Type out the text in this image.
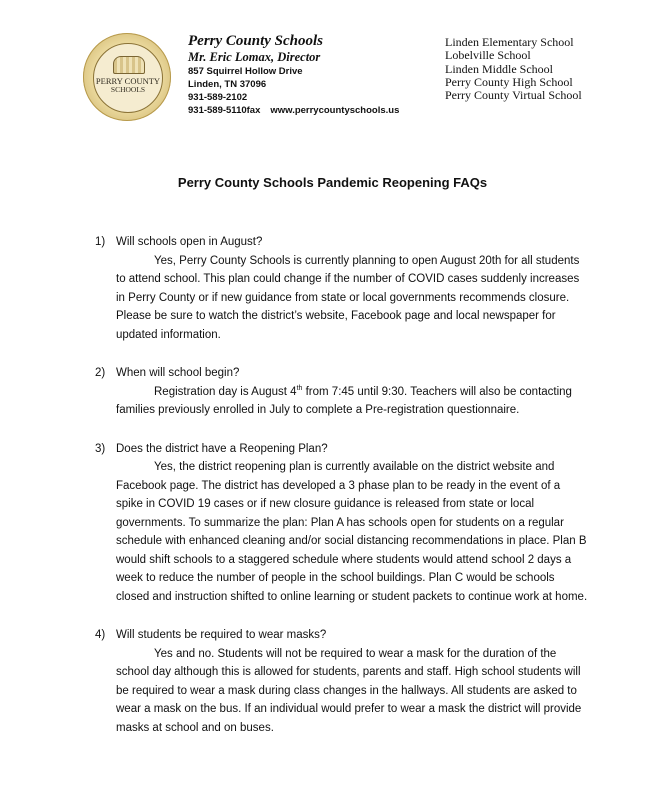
PERRY COUNTY
SCHOOLS
Perry County Schools
Mr. Eric Lomax, Director
857 Squirrel Hollow Drive
Linden, TN 37096
931-589-2102
931-589-5110fax www.perrycountyschools.us
Linden Elementary School
Lobelville School
Linden Middle School
Perry County High School
Perry County Virtual School
Perry County Schools Pandemic Reopening FAQs
1) Will schools open in August?
Yes, Perry County Schools is currently planning to open August 20th for all students to attend school. This plan could change if the number of COVID cases suddenly increases in Perry County or if new guidance from state or local governments recommends closure. Please be sure to watch the district’s website, Facebook page and local newspaper for updated information.
2) When will school begin?
Registration day is August 4th from 7:45 until 9:30. Teachers will also be contacting families previously enrolled in July to complete a Pre-registration questionnaire.
3) Does the district have a Reopening Plan?
Yes, the district reopening plan is currently available on the district website and Facebook page. The district has developed a 3 phase plan to be ready in the event of a spike in COVID 19 cases or if new closure guidance is released from state or local governments. To summarize the plan: Plan A has schools open for students on a regular schedule with enhanced cleaning and/or social distancing recommendations in place. Plan B would shift schools to a staggered schedule where students would attend school 2 days a week to reduce the number of people in the school buildings. Plan C would be schools closed and instruction shifted to online learning or student packets to continue work at home.
4) Will students be required to wear masks?
Yes and no. Students will not be required to wear a mask for the duration of the school day although this is allowed for students, parents and staff. High school students will be required to wear a mask during class changes in the hallways. All students are asked to wear a mask on the bus. If an individual would prefer to wear a mask the district will provide masks at school and on buses.
